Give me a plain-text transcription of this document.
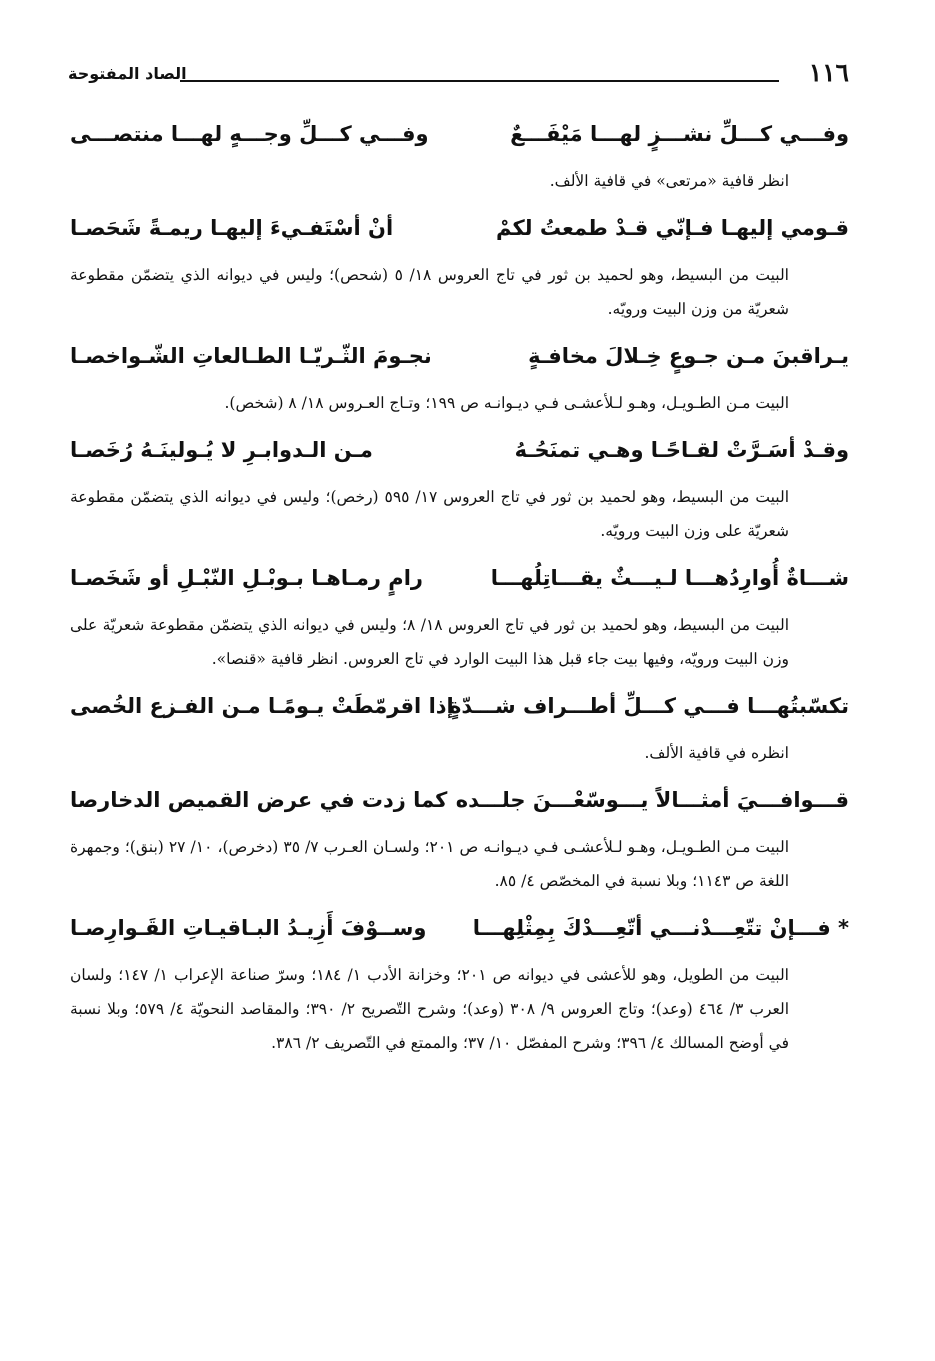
١١٦
الصاد المفتوحة
وفـــي كـــلِّ نشـــزٍ لهـــا مَيْفَـــعٌ
وفـــي كـــلِّ وجـــهٍ لهـــا منتصـــى
انظر قافية «مرتعى» في قافية الألف.
قـومي إليهـا فـإنّي قـدْ طمعتُ لكمْ
أنْ أسْتَفـيءَ إليهـا ريمـةً شَحَصـا
البيت من البسيط، وهو لحميد بن ثور في تاج العروس ١٨/ ٥ (شحص)؛ وليس في ديوانه الذي يتضمّن مقطوعة شعريّة من وزن البيت ورويّه.
يـراقبنَ مـن جـوعٍ خِـلالَ مخافـةٍ
نجـومَ الثّـريّـا الطـالعاتِ الشّـواخصـا
البيت مـن الطـويـل، وهـو لـلأعشـى فـي ديـوانـه ص ١٩٩؛ وتـاج العـروس ١٨/ ٨ (شخص).
وقـدْ أسَـرَّتْ لقـاحًـا وهـي تمنَحُـهُ
مـن الـدوابـرِ لا يُـولينَـهُ رُخَصـا
البيت من البسيط، وهو لحميد بن ثور في تاج العروس ١٧/ ٥٩٥ (رخص)؛ وليس في ديوانه الذي يتضمّن مقطوعة شعريّة على وزن البيت ورويّه.
شـــاةٌ أُوارِدُهـــا لـيـــثٌ يقـــاتِلُهـــا
رامٍ رمـاهـا بـوبْـلِ النّبْـلِ أو شَخَصـا
البيت من البسيط، وهو لحميد بن ثور في تاج العروس ١٨/ ٨؛ وليس في ديوانه الذي يتضمّن مقطوعة شعريّة على وزن البيت ورويّه، وفيها بيت جاء قبل هذا البيت الوارد في تاج العروس. انظر قافية «قنصا».
تكسّبتُهـــا فـــي كـــلِّ أطـــراف شـــدّةٍ
إذا اقرمّطَتْ يـومًـا مـن الفـزع الخُصى
انظره في قافية الألف.
قـــوافـــيَ أمثـــالاً يـــوسّعْـــنَ جلـــده
كما زدت في عرض القميص الدخارصا
البيت مـن الطـويـل، وهـو لـلأعشـى فـي ديـوانـه ص ٢٠١؛ ولسـان العـرب ٧/ ٣٥ (دخرص)، ١٠/ ٢٧ (بنق)؛ وجمهرة اللغة ص ١١٤٣؛ وبلا نسبة في المخصّص ٤/ ٨٥.
* فـــإنْ تتّعِـــدْنـــي أتّعِـــدْكَ بِمِثْلِهـــا
وســوْفَ أَزِيـدُ البـاقيـاتِ القَـوارِصـا
البيت من الطويل، وهو للأعشى في ديوانه ص ٢٠١؛ وخزانة الأدب ١/ ١٨٤؛ وسرّ صناعة الإعراب ١/ ١٤٧؛ ولسان العرب ٣/ ٤٦٤ (وعد)؛ وتاج العروس ٩/ ٣٠٨ (وعد)؛ وشرح التّصريح ٢/ ٣٩٠؛ والمقاصد النحويّة ٤/ ٥٧٩؛ وبلا نسبة في أوضح المسالك ٤/ ٣٩٦؛ وشرح المفصّل ١٠/ ٣٧؛ والممتع في التّصريف ٢/ ٣٨٦.
